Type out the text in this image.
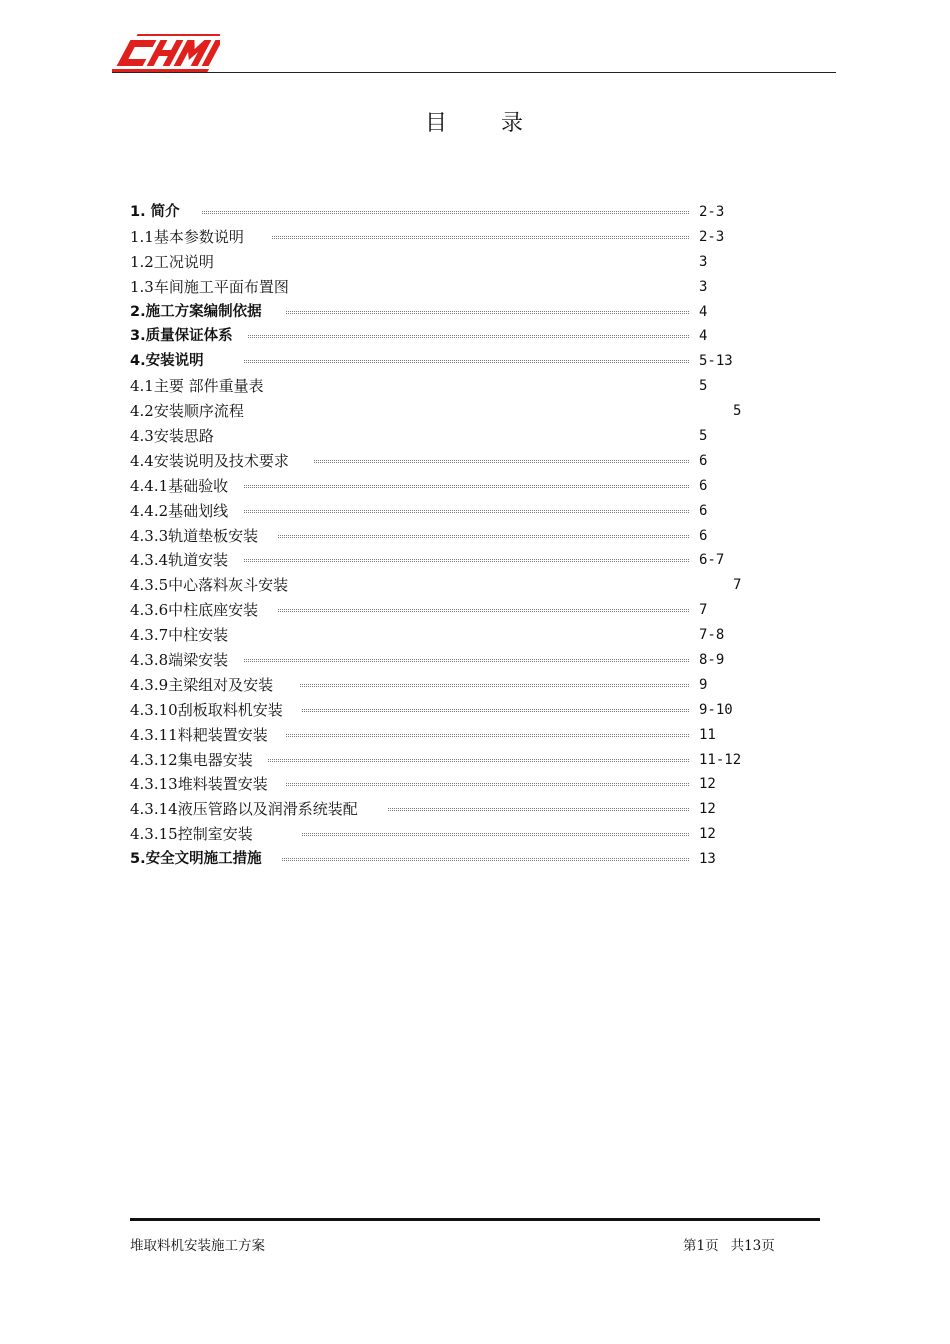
目 录
1. 简介	2-3
1.1基本参数说明	2-3
1.2工况说明	3
1.3车间施工平面布置图	3
2.施工方案编制依据	4
3.质量保证体系	4
4.安装说明	5-13
4.1主要 部件重量表	5
4.2安装顺序流程	5
4.3安装思路	5
4.4安装说明及技术要求	6
4.4.1基础验收	6
4.4.2基础划线	6
4.3.3轨道垫板安装	6
4.3.4轨道安装	6-7
4.3.5中心落料灰斗安装	7
4.3.6中柱底座安装	7
4.3.7中柱安装	7-8
4.3.8端梁安装	8-9
4.3.9主梁组对及安装	9
4.3.10刮板取料机安装	9-10
4.3.11料耙装置安装	11
4.3.12集电器安装	11-12
4.3.13堆料装置安装	12
4.3.14液压管路以及润滑系统装配	12
4.3.15控制室安装	12
5.安全文明施工措施	13
堆取料机安装施工方案	第1页 共13页
